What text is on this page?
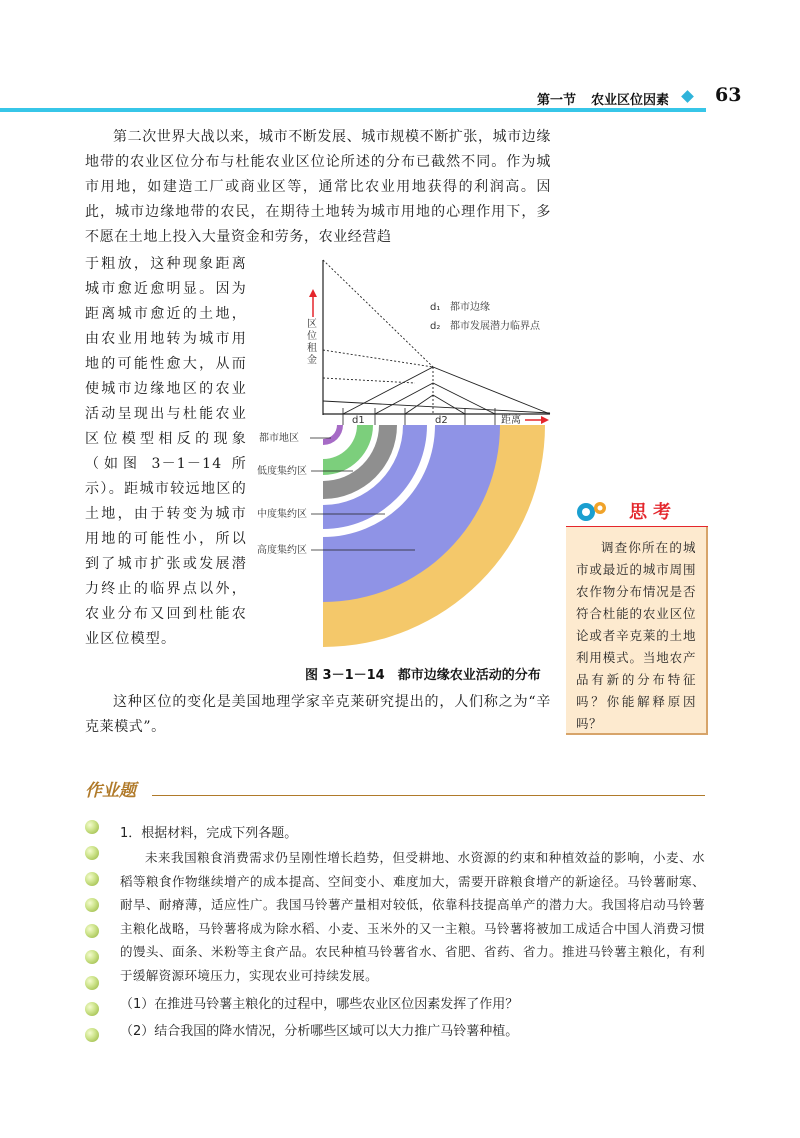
第一节 农业区位因素 63
第二次世界大战以来，城市不断发展、城市规模不断扩张，城市边缘地带的农业区位分布与杜能农业区位论所述的分布已截然不同。作为城市用地，如建造工厂或商业区等，通常比农业用地获得的利润高。因此，城市边缘地带的农民，在期待土地转为城市用地的心理作用下，多不愿在土地上投入大量资金和劳务，农业经营趋
于粗放，这种现象距离城市愈近愈明显。因为距离城市愈近的土地，由农业用地转为城市用地的可能性愈大，从而使城市边缘地区的农业活动呈现出与杜能农业区位模型相反的现象（如图 3－1－14 所示）。距城市较远地区的土地，由于转变为城市用地的可能性小，所以到了城市扩张或发展潜力终止的临界点以外，农业分布又回到杜能农业区位模型。
这种区位的变化是美国地理学家辛克莱研究提出的，人们称之为“辛克莱模式”。
区位租金
d1	d2	距离
d₁ 都市边缘
d₂ 都市发展潜力临界点
都市地区
低度集约区
中度集约区
高度集约区
图 3－1－14　都市边缘农业活动的分布
思考
调查你所在的城市或最近的城市周围农作物分布情况是否符合杜能的农业区位论或者辛克莱的土地利用模式。当地农产品有新的分布特征吗？你能解释原因吗？
作业题
1．根据材料，完成下列各题。
未来我国粮食消费需求仍呈刚性增长趋势，但受耕地、水资源的约束和种植效益的影响，小麦、水稻等粮食作物继续增产的成本提高、空间变小、难度加大，需要开辟粮食增产的新途径。马铃薯耐寒、耐旱、耐瘠薄，适应性广。我国马铃薯产量相对较低，依靠科技提高单产的潜力大。我国将启动马铃薯主粮化战略，马铃薯将成为除水稻、小麦、玉米外的又一主粮。马铃薯将被加工成适合中国人消费习惯的馒头、面条、米粉等主食产品。农民种植马铃薯省水、省肥、省药、省力。推进马铃薯主粮化，有利于缓解资源环境压力，实现农业可持续发展。
（1）在推进马铃薯主粮化的过程中，哪些农业区位因素发挥了作用？
（2）结合我国的降水情况，分析哪些区域可以大力推广马铃薯种植。
